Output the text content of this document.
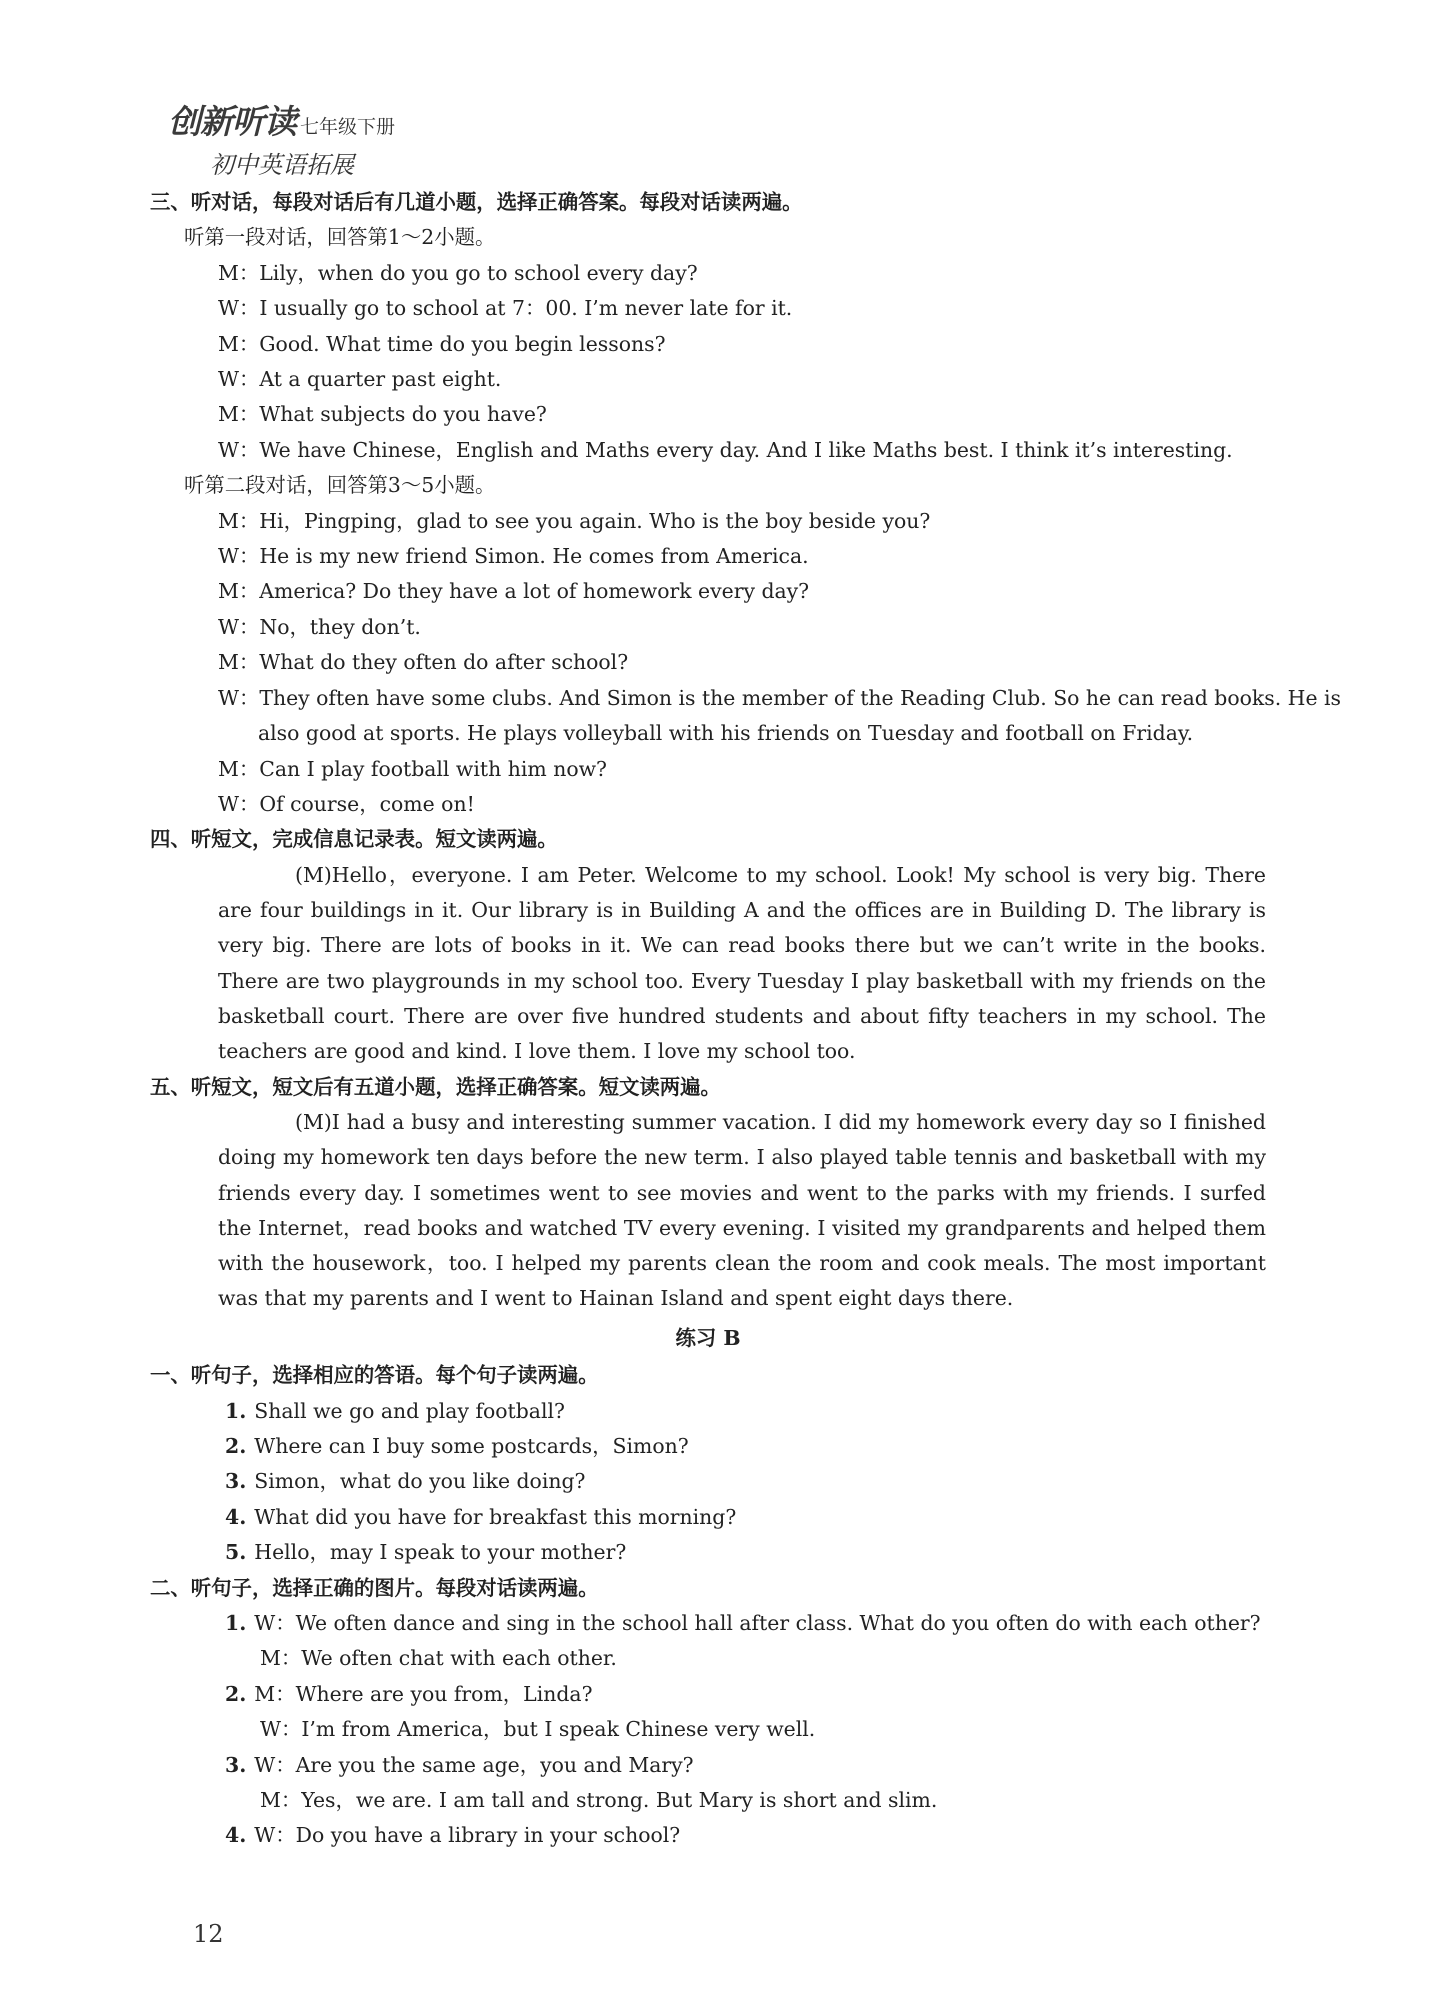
创新听读 七年级下册
初中英语拓展
三、听对话，每段对话后有几道小题，选择正确答案。每段对话读两遍。
听第一段对话，回答第1～2小题。
M：Lily，when do you go to school every day?
W：I usually go to school at 7：00. I’m never late for it.
M：Good. What time do you begin lessons?
W：At a quarter past eight.
M：What subjects do you have?
W：We have Chinese，English and Maths every day. And I like Maths best. I think it’s interesting.
听第二段对话，回答第3～5小题。
M：Hi，Pingping，glad to see you again. Who is the boy beside you?
W：He is my new friend Simon. He comes from America.
M：America? Do they have a lot of homework every day?
W：No，they don’t.
M：What do they often do after school?
W：They often have some clubs. And Simon is the member of the Reading Club. So he can read books. He is
also good at sports. He plays volleyball with his friends on Tuesday and football on Friday.
M：Can I play football with him now?
W：Of course，come on!
四、听短文，完成信息记录表。短文读两遍。
(M)Hello，everyone. I am Peter. Welcome to my school. Look! My school is very big. There are four buildings in it. Our library is in Building A and the offices are in Building D. The library is very big. There are lots of books in it. We can read books there but we can’t write in the books. There are two playgrounds in my school too. Every Tuesday I play basketball with my friends on the basketball court. There are over five hundred students and about fifty teachers in my school. The teachers are good and kind. I love them. I love my school too.
五、听短文，短文后有五道小题，选择正确答案。短文读两遍。
(M)I had a busy and interesting summer vacation. I did my homework every day so I finished doing my homework ten days before the new term. I also played table tennis and basketball with my friends every day. I sometimes went to see movies and went to the parks with my friends. I surfed the Internet，read books and watched TV every evening. I visited my grandparents and helped them with the housework，too. I helped my parents clean the room and cook meals. The most important was that my parents and I went to Hainan Island and spent eight days there.
练习 B
一、听句子，选择相应的答语。每个句子读两遍。
1. Shall we go and play football?
2. Where can I buy some postcards，Simon?
3. Simon，what do you like doing?
4. What did you have for breakfast this morning?
5. Hello，may I speak to your mother?
二、听句子，选择正确的图片。每段对话读两遍。
1. W：We often dance and sing in the school hall after class. What do you often do with each other?
M：We often chat with each other.
2. M：Where are you from，Linda?
W：I’m from America，but I speak Chinese very well.
3. W：Are you the same age，you and Mary?
M：Yes，we are. I am tall and strong. But Mary is short and slim.
4. W：Do you have a library in your school?
12
